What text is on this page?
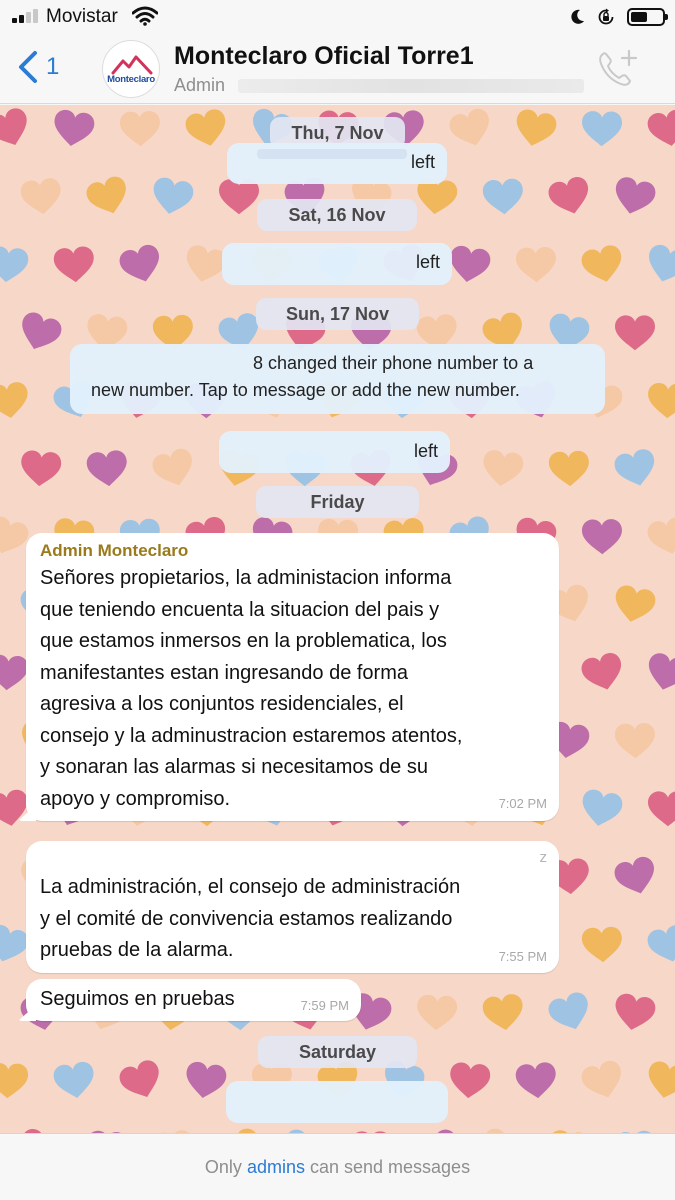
Movistar
1	Monteclaro
Monteclaro Oficial Torre1
Admin
Thu, 7 Nov
left
Sat, 16 Nov
left
Sun, 17 Nov
8 changed their phone number to a
new number. Tap to message or add the new number.
left
Friday
Admin Monteclaro
Señores propietarios, la administacion informa
que teniendo encuenta la situacion del pais y
que estamos inmersos en la problematica, los
manifestantes estan ingresando de forma
agresiva a los conjuntos residenciales, el
consejo y la adminustracion estaremos atentos,
y sonaran las alarmas si necesitamos de su
apoyo y compromiso.	7:02 PM
z
La administración, el consejo de administración
y el comité de convivencia estamos realizando
pruebas de la alarma.	7:55 PM
Seguimos en pruebas	7:59 PM
Saturday
Only admins can send messages
